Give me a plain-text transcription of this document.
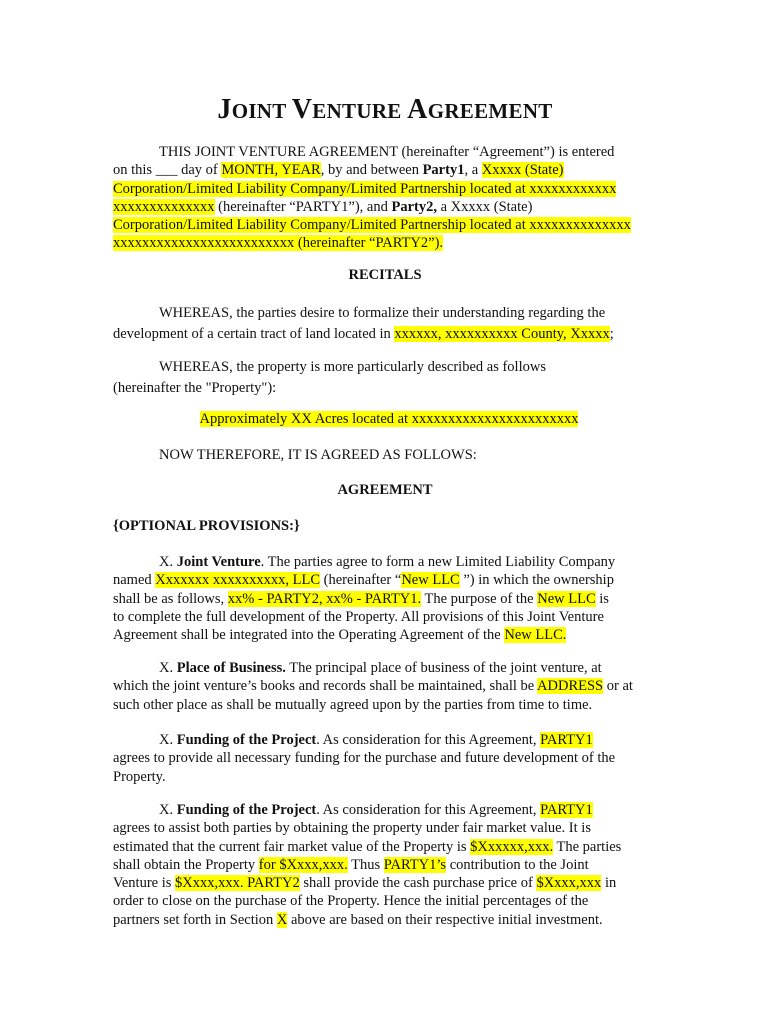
JOINT VENTURE AGREEMENT
THIS JOINT VENTURE AGREEMENT (hereinafter “Agreement”) is entered
on this ___ day of MONTH, YEAR, by and between Party1, a Xxxxx (State)
Corporation/Limited Liability Company/Limited Partnership located at xxxxxxxxxxxx
xxxxxxxxxxxxxx (hereinafter “PARTY1”), and Party2, a Xxxxx (State)
Corporation/Limited Liability Company/Limited Partnership located at xxxxxxxxxxxxxx
xxxxxxxxxxxxxxxxxxxxxxxxx (hereinafter “PARTY2”).
RECITALS
WHEREAS, the parties desire to formalize their understanding regarding the
development of a certain tract of land located in xxxxxx, xxxxxxxxxx County, Xxxxx;
WHEREAS, the property is more particularly described as follows
(hereinafter the "Property"):
Approximately XX Acres located at xxxxxxxxxxxxxxxxxxxxxxx
NOW THEREFORE, IT IS AGREED AS FOLLOWS:
AGREEMENT
{OPTIONAL PROVISIONS:}
X. Joint Venture. The parties agree to form a new Limited Liability Company
named Xxxxxxx xxxxxxxxxx, LLC (hereinafter “New LLC ”) in which the ownership
shall be as follows, xx% - PARTY2, xx% - PARTY1. The purpose of the New LLC is
to complete the full development of the Property. All provisions of this Joint Venture
Agreement shall be integrated into the Operating Agreement of the New LLC.
X. Place of Business. The principal place of business of the joint venture, at
which the joint venture’s books and records shall be maintained, shall be ADDRESS or at
such other place as shall be mutually agreed upon by the parties from time to time.
X. Funding of the Project. As consideration for this Agreement, PARTY1
agrees to provide all necessary funding for the purchase and future development of the
Property.
X. Funding of the Project. As consideration for this Agreement, PARTY1
agrees to assist both parties by obtaining the property under fair market value. It is
estimated that the current fair market value of the Property is $Xxxxxx,xxx. The parties
shall obtain the Property for $Xxxx,xxx. Thus PARTY1’s contribution to the Joint
Venture is $Xxxx,xxx. PARTY2 shall provide the cash purchase price of $Xxxx,xxx in
order to close on the purchase of the Property. Hence the initial percentages of the
partners set forth in Section X above are based on their respective initial investment.
